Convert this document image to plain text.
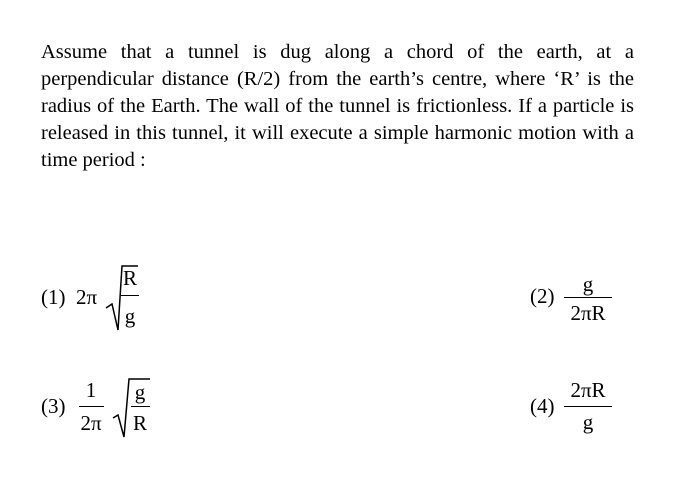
Assume that a tunnel is dug along a chord of the earth, at a perpendicular distance (R/2) from the earth’s centre, where ‘R’ is the radius of the Earth. The wall of the tunnel is frictionless. If a particle is released in this tunnel, it will execute a simple harmonic motion with a time period :

(1) 2π
R
g
(2)	g
2πR
(3)
1
2π
g
R
(4)
2πR
g
